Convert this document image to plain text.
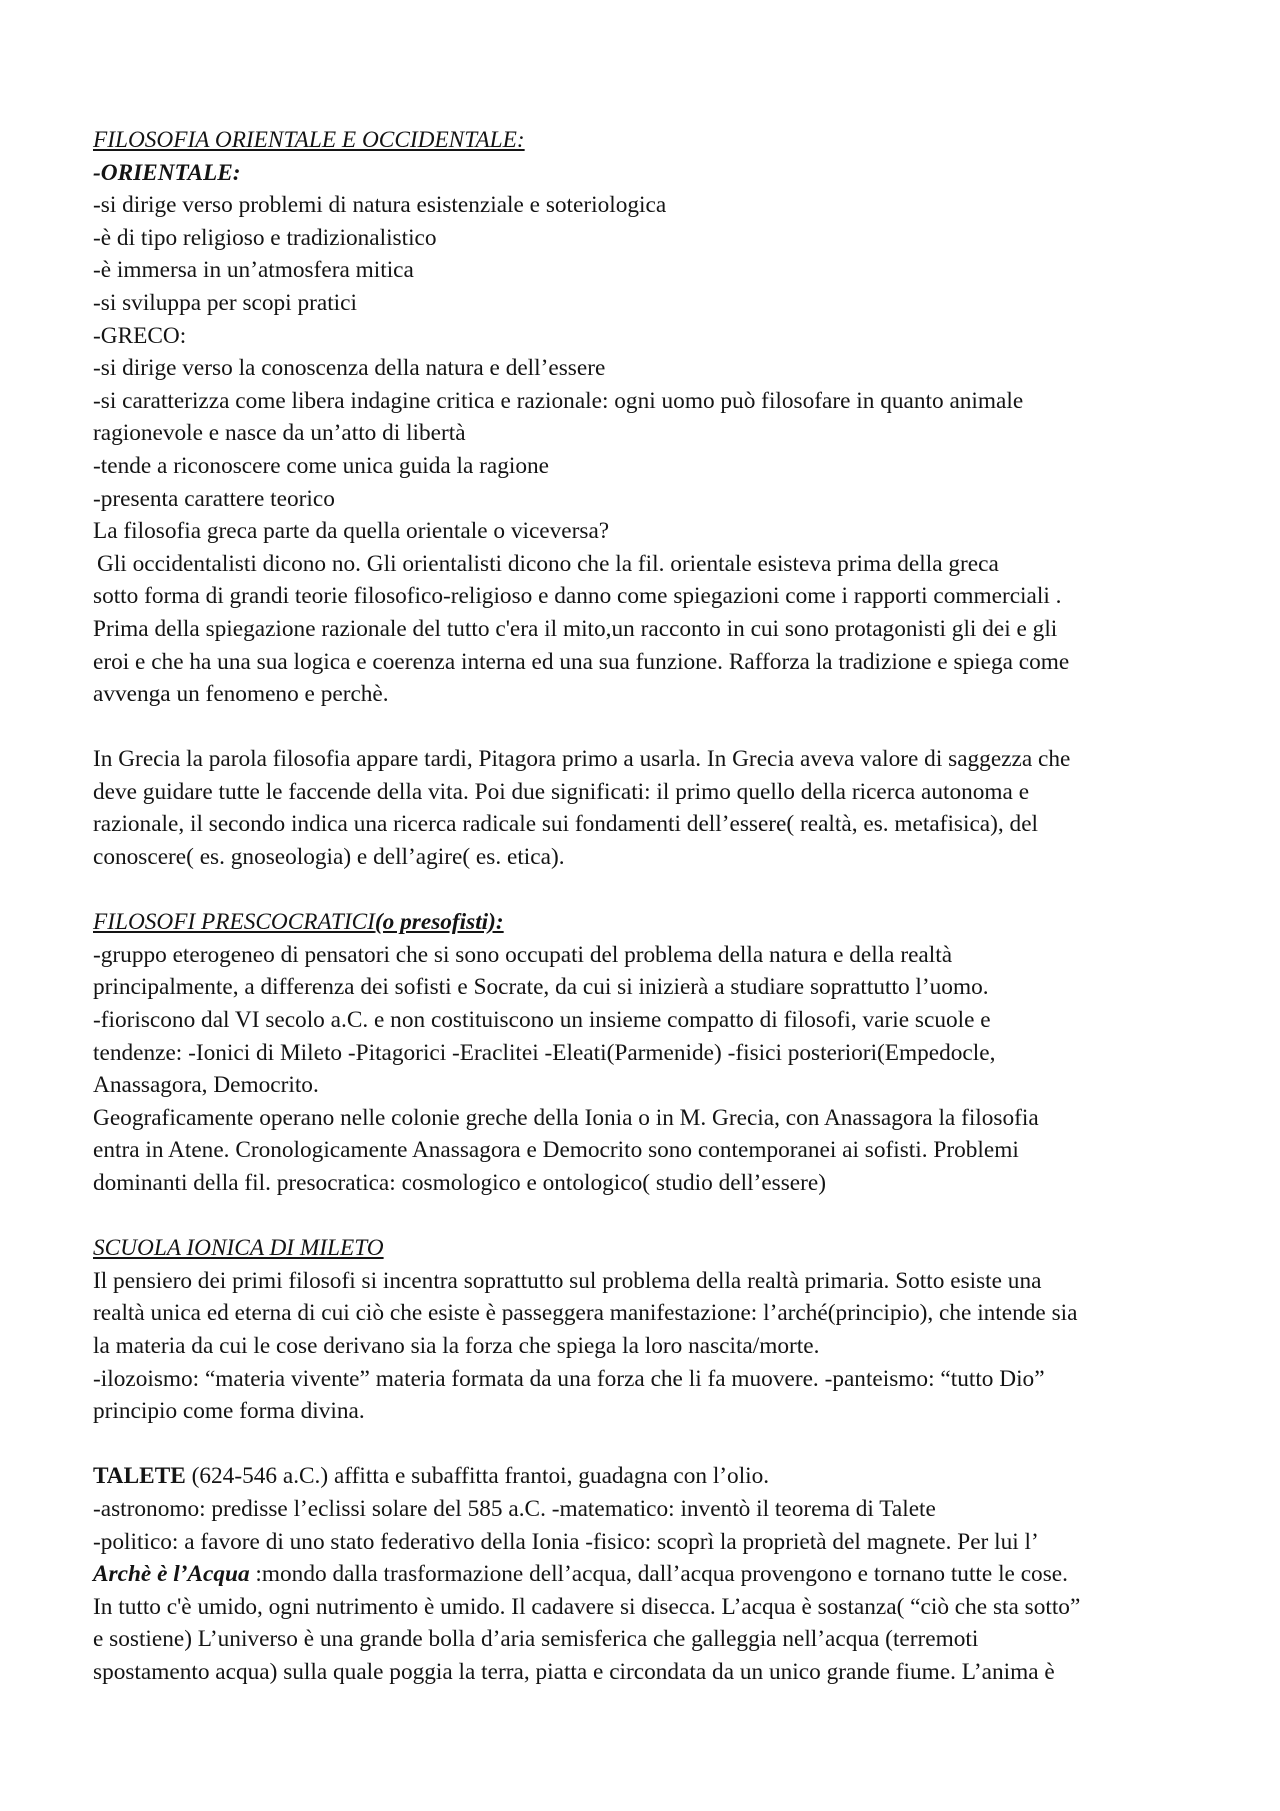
FILOSOFIA ORIENTALE E OCCIDENTALE:
-ORIENTALE:
-si dirige verso problemi di natura esistenziale e soteriologica
-è di tipo religioso e tradizionalistico
-è immersa in un’atmosfera mitica
-si sviluppa per scopi pratici
-GRECO:
-si dirige verso la conoscenza della natura e dell’essere
-si caratterizza come libera indagine critica e razionale: ogni uomo può filosofare in quanto animale
ragionevole e nasce da un’atto di libertà
-tende a riconoscere come unica guida la ragione
-presenta carattere teorico
La filosofia greca parte da quella orientale o viceversa?
Gli occidentalisti dicono no. Gli orientalisti dicono che la fil. orientale esisteva prima della greca
sotto forma di grandi teorie filosofico-religioso e danno come spiegazioni come i rapporti commerciali .
Prima della spiegazione razionale del tutto c'era il mito,un racconto in cui sono protagonisti gli dei e gli
eroi e che ha una sua logica e coerenza interna ed una sua funzione. Rafforza la tradizione e spiega come
avvenga un fenomeno e perchè.
In Grecia la parola filosofia appare tardi, Pitagora primo a usarla. In Grecia aveva valore di saggezza che
deve guidare tutte le faccende della vita. Poi due significati: il primo quello della ricerca autonoma e
razionale, il secondo indica una ricerca radicale sui fondamenti dell’essere( realtà, es. metafisica), del
conoscere( es. gnoseologia) e dell’agire( es. etica).
FILOSOFI PRESCOCRATICI(o presofisti):
-gruppo eterogeneo di pensatori che si sono occupati del problema della natura e della realtà
principalmente, a differenza dei sofisti e Socrate, da cui si inizierà a studiare soprattutto l’uomo.
-fioriscono dal VI secolo a.C. e non costituiscono un insieme compatto di filosofi, varie scuole e
tendenze: -Ionici di Mileto -Pitagorici -Eraclitei -Eleati(Parmenide) -fisici posteriori(Empedocle,
Anassagora, Democrito.
Geograficamente operano nelle colonie greche della Ionia o in M. Grecia, con Anassagora la filosofia
entra in Atene. Cronologicamente Anassagora e Democrito sono contemporanei ai sofisti. Problemi
dominanti della fil. presocratica: cosmologico e ontologico( studio dell’essere)
SCUOLA IONICA DI MILETO
Il pensiero dei primi filosofi si incentra soprattutto sul problema della realtà primaria. Sotto esiste una
realtà unica ed eterna di cui ciò che esiste è passeggera manifestazione: l’arché(principio), che intende sia
la materia da cui le cose derivano sia la forza che spiega la loro nascita/morte.
-ilozoismo: “materia vivente” materia formata da una forza che li fa muovere. -panteismo: “tutto Dio”
principio come forma divina.
TALETE (624-546 a.C.) affitta e subaffitta frantoi, guadagna con l’olio.
-astronomo: predisse l’eclissi solare del 585 a.C. -matematico: inventò il teorema di Talete
-politico: a favore di uno stato federativo della Ionia -fisico: scoprì la proprietà del magnete. Per lui l’
Archè è l’Acqua :mondo dalla trasformazione dell’acqua, dall’acqua provengono e tornano tutte le cose.
In tutto c'è umido, ogni nutrimento è umido. Il cadavere si disecca. L’acqua è sostanza( “ciò che sta sotto”
e sostiene) L’universo è una grande bolla d’aria semisferica che galleggia nell’acqua (terremoti
spostamento acqua) sulla quale poggia la terra, piatta e circondata da un unico grande fiume. L’anima è
